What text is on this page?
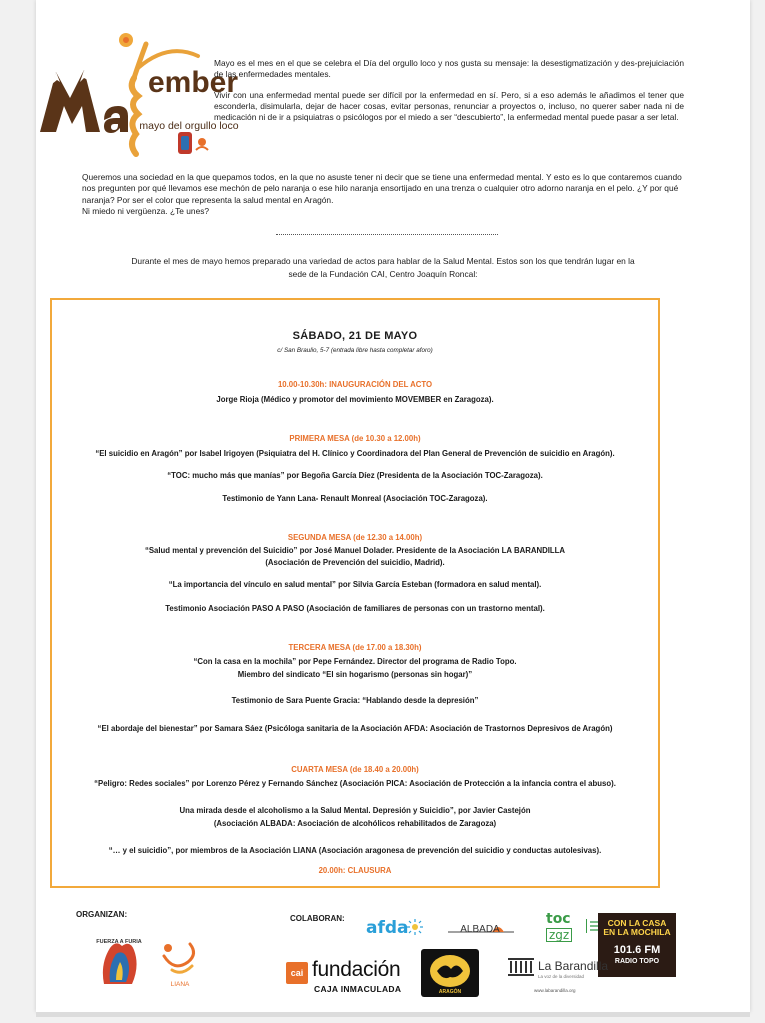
ember
mayo del orgullo loco

Mayo es el mes en el que se celebra el Día del orgullo loco y nos gusta su mensaje: la desestigmatización y des-prejuiciación de las enfermedades mentales.

Vivir con una enfermedad mental puede ser difícil por la enfermedad en sí. Pero, si a eso además le añadimos el tener que esconderla, disimularla, dejar de hacer cosas, evitar personas, renunciar a proyectos o, incluso, no querer saber nada ni de medicación ni de ir a psiquiatras o psicólogos por el miedo a ser “descubierto”, la enfermedad mental puede pasar a ser letal.

Queremos una sociedad en la que quepamos todos, en la que no asuste tener ni decir que se tiene una enfermedad mental. Y esto es lo que contaremos cuando nos pregunten por qué llevamos ese mechón de pelo naranja o ese hilo naranja ensortijado en una trenza o cualquier otro adorno naranja en el pelo. ¿Y por qué naranja? Por ser el color que representa la salud mental en Aragón.

Ni miedo ni vergüenza. ¿Te unes?

Durante el mes de mayo hemos preparado una variedad de actos para hablar de la Salud Mental. Estos son los que tendrán lugar en la
sede de la Fundación CAI, Centro Joaquín Roncal:
SÁBADO, 21 DE MAYO
c/ San Braulio, 5-7 (entrada libre hasta completar aforo)
10.00-10.30h: INAUGURACIÓN DEL ACTO
Jorge Rioja (Médico y promotor del movimiento MOVEMBER en Zaragoza).
PRIMERA MESA (de 10.30 a 12.00h)
“El suicidio en Aragón” por Isabel Irigoyen (Psiquiatra del H. Clínico y Coordinadora del Plan General de Prevención de suicidio en Aragón).
“TOC: mucho más que manías” por Begoña García Díez (Presidenta de la Asociación TOC-Zaragoza).
Testimonio de Yann Lana- Renault Monreal (Asociación TOC-Zaragoza).
SEGUNDA MESA (de 12.30 a 14.00h)
“Salud mental y prevención del Suicidio” por José Manuel Dolader. Presidente de la Asociación LA BARANDILLA
(Asociación de Prevención del suicidio, Madrid).
“La importancia del vínculo en salud mental” por Silvia García Esteban (formadora en salud mental).
Testimonio Asociación PASO A PASO (Asociación de familiares de personas con un trastorno mental).
TERCERA MESA (de 17.00 a 18.30h)
“Con la casa en la mochila” por Pepe Fernández. Director del programa de Radio Topo.
Miembro del sindicato “El sin hogarismo (personas sin hogar)”
Testimonio de Sara Puente Gracia: “Hablando desde la depresión”
“El abordaje del bienestar” por Samara Sáez (Psicóloga sanitaria de la Asociación AFDA: Asociación de Trastornos Depresivos de Aragón)
CUARTA MESA (de 18.40 a 20.00h)
“Peligro: Redes sociales” por Lorenzo Pérez y Fernando Sánchez (Asociación PICA: Asociación de Protección a la infancia contra el abuso).
Una mirada desde el alcoholismo a la Salud Mental. Depresión y Suicidio”, por Javier Castejón
(Asociación ALBADA: Asociación de alcohólicos rehabilitados de Zaragoza)
“… y el suicidio”, por miembros de la Asociación LIANA (Asociación aragonesa de prevención del suicidio y conductas autolesivas).
20.00h: CLAUSURA
ORGANIZAN:	COLABORAN:
FUERZA A FURIA
LIANA
afda	ALBADA
toc
zgz
CON LA CASA
EN LA MOCHILA
101.6 FM
RADIO TOPO
cai fundación
CAJA INMACULADA	ARAGÓN
La Barandilla
La voz de la diversidad
www.labarandilla.org
